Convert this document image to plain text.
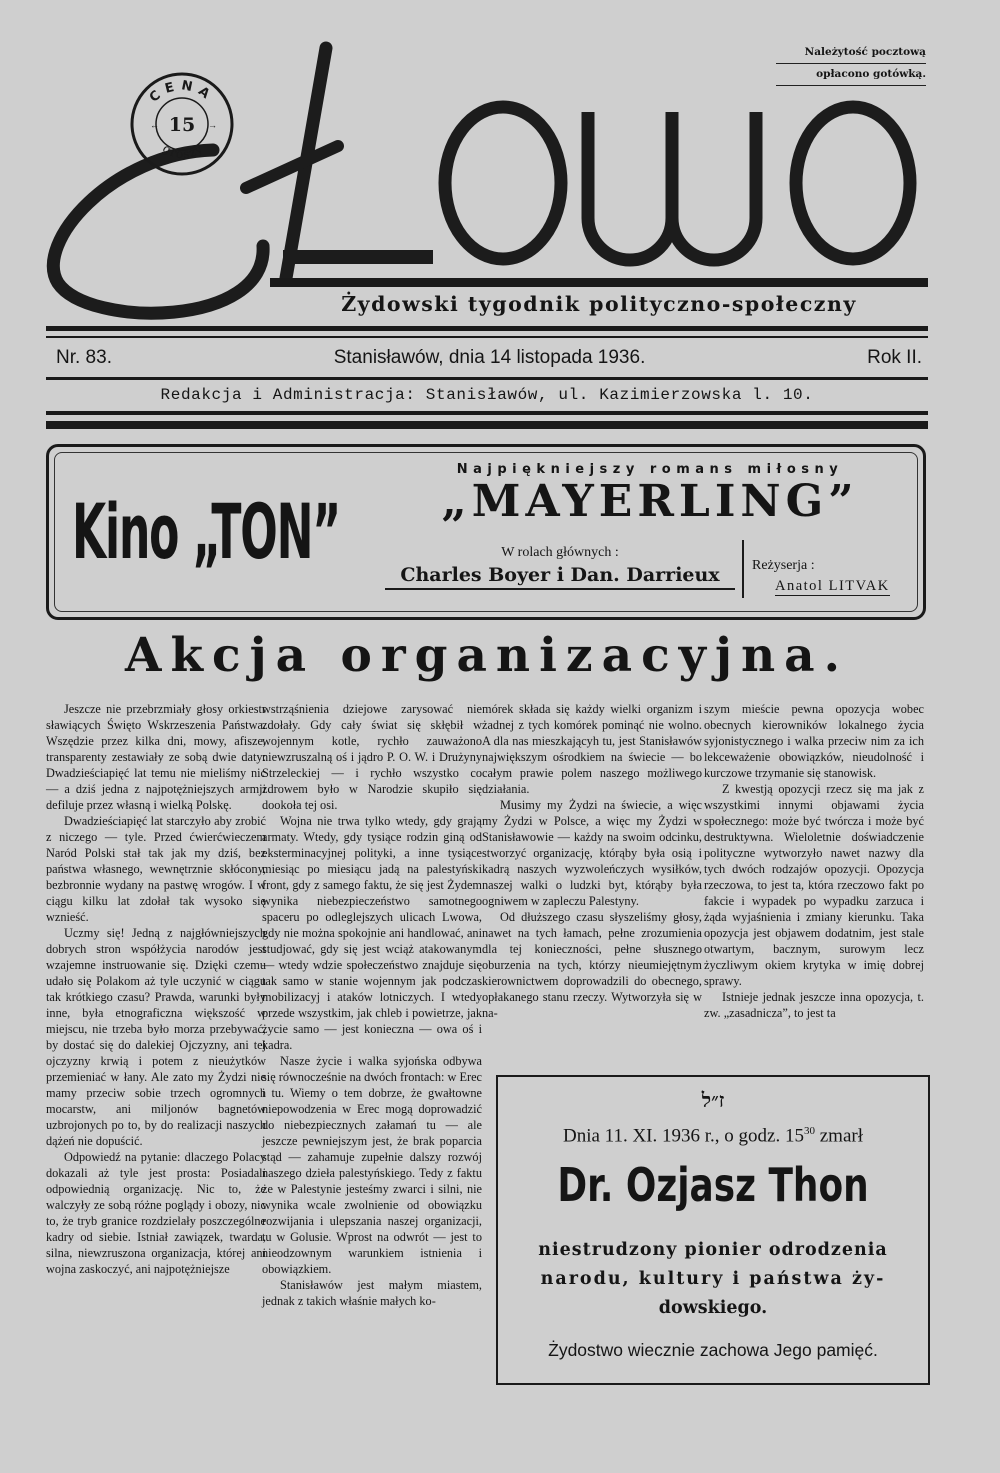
Należytość pocztową
opłacono gotówką.
CENA
15
←	→
groszy
Żydowski tygodnik polityczno-społeczny
Nr. 83.	Stanisławów, dnia 14 listopada 1936.	Rok II.
Redakcja i Administracja: Stanisławów, ul. Kazimierzowska l. 10.
Kino „TON”
Najpiękniejszy romans miłosny
„MAYERLING”
W rolach głównych :
Charles Boyer i Dan. Darrieux	Reżyserja :
Anatol LITVAK
Akcja organizacyjna.

Jeszcze nie przebrzmiały głosy orkiestr sławiących Święto Wskrzeszenia Państwa. Wszędzie przez kilka dni, mowy, afisze, transparenty zestawiały ze sobą dwie daty: Dwadzieściapięć lat temu nie mieliśmy nic — a dziś jedna z najpotężniejszych armji defiluje przez własną i wielką Polskę.

Dwadzieściapięć lat starczyło aby zrobić z niczego — tyle. Przed ćwierćwieczem Naród Polski stał tak jak my dziś, bez państwa własnego, wewnętrznie skłócony, bezbronnie wydany na pastwę wrogów. I w ciągu kilku lat zdołał tak wysoko się wznieść.

Uczmy się! Jedną z najgłówniejszych dobrych stron współżycia narodów jest wzajemne instruowanie się. Dzięki czemu udało się Polakom aż tyle uczynić w ciągu tak krótkiego czasu? Prawda, warunki były inne, była etnograficzna większość w miejscu, nie trzeba było morza przebywać, by dostać się do dalekiej Ojczyzny, ani tej ojczyzny krwią i potem z nieużytków przemieniać w łany. Ale zato my Żydzi nie mamy przeciw sobie trzech ogromnych mocarstw, ani miljonów bagnetów uzbrojonych po to, by do realizacji naszych dążeń nie dopuścić.

Odpowiedź na pytanie: dlaczego Polacy dokazali aż tyle jest prosta: Posiadali odpowiednią organizację. Nic to, że walczyły ze sobą różne poglądy i obozy, nic to, że tryb granice rozdzielały poszczególne kadry od siebie. Istniał zawiązek, twarda, silna, niewzruszona organizacja, której ani wojna zaskoczyć, ani najpotężniejsze

wstrząśnienia dziejowe zarysować nie zdołały. Gdy cały świat się skłębił w wojennym kotle, rychło zauważono niewzruszalną oś i jądro P. O. W. i Drużyny Strzeleckiej — i rychło wszystko co zdrowem było w Narodzie skupiło się dookoła tej osi.

Wojna nie trwa tylko wtedy, gdy grają armaty. Wtedy, gdy tysiące rodzin giną od eksterminacyjnej polityki, a inne tysiące miesiąc po miesiącu jadą na palestyński front, gdy z samego faktu, że się jest Żydem wynika niebezpieczeństwo samotnego spaceru po odleglejszych ulicach Lwowa, gdy nie można spokojnie ani handlować, ani studjować, gdy się jest wciąż atakowanym — wtedy wdzie społeczeństwo znajduje się tak samo w stanie wojennym jak podczas mobilizacyj i ataków lotniczych. I wtedy przede wszystkim, jak chleb i powietrze, jak życie samo — jest konieczna — owa oś i kadra.

Nasze życie i walka syjońska odbywa się równocześnie na dwóch frontach: w Erec i tu. Wiemy o tem dobrze, że gwałtowne niepowodzenia w Erec mogą doprowadzić do niebezpiecznych załamań tu — ale jeszcze pewniejszym jest, że brak poparcia stąd — zahamuje zupełnie dalszy rozwój naszego dzieła palestyńskiego. Tedy z faktu że w Palestynie jesteśmy zwarci i silni, nie wynika wcale zwolnienie od obowiązku rozwijania i ulepszania naszej organizacji, tu w Golusie. Wprost na odwrót — jest to nieodzownym warunkiem istnienia i obowiązkiem.

Stanisławów jest małym miastem, jednak z takich właśnie małych ko-

mórek składa się każdy wielki organizm i żadnej z tych komórek pominąć nie wolno. A dla nas mieszkającyh tu, jest Stanisławów największym ośrodkiem na świecie — bo całym prawie polem naszego możliwego działania.

Musimy my Żydzi na świecie, a więc my Żydzi w Polsce, a więc my Żydzi w Stanisławowie — każdy na swoim odcinku, stworzyć organizację, którąby była osią i kadrą naszych wyzwoleńczych wysiłków, naszej walki o ludzki byt, którąby była ogniwem w zapleczu Palestyny.

Od dłuższego czasu słyszeliśmy głosy, nawet na tych łamach, pełne zrozumienia dla tej konieczności, pełne słusznego oburzenia na tych, którzy nieumiejętnym kierownictwem doprowadzili do obecnego, opłakanego stanu rzeczy. Wytworzyła się w na-

szym mieście pewna opozycja wobec obecnych kierowników lokalnego życia syjonistycznego i walka przeciw nim za ich lekceważenie obowiązków, nieudolność i kurczowe trzymanie się stanowisk.

Z kwestją opozycji rzecz się ma jak z wszystkimi innymi objawami życia społecznego: może być twórcza i może być destruktywna. Wieloletnie doświadczenie polityczne wytworzyło nawet nazwy dla tych dwóch rodzajów opozycji. Opozycja rzeczowa, to jest ta, która rzeczowo fakt po fakcie i wypadek po wypadku zarzuca i żąda wyjaśnienia i zmiany kierunku. Taka opozycja jest objawem dodatnim, jest stale otwartym, bacznym, surowym lecz życzliwym okiem krytyka w imię dobrej sprawy.

Istnieje jednak jeszcze inna opozycja, t. zw. „zasadnicza”, to jest ta

ז״ל
Dnia 11. XI. 1936 r., o godz. $15^{30}$ zmarł
Dr. Ozjasz Thon
niestrudzony pionier odrodzenia
narodu, kultury i państwa ży-
dowskiego.
Żydostwo wiecznie zachowa Jego pamięć.
